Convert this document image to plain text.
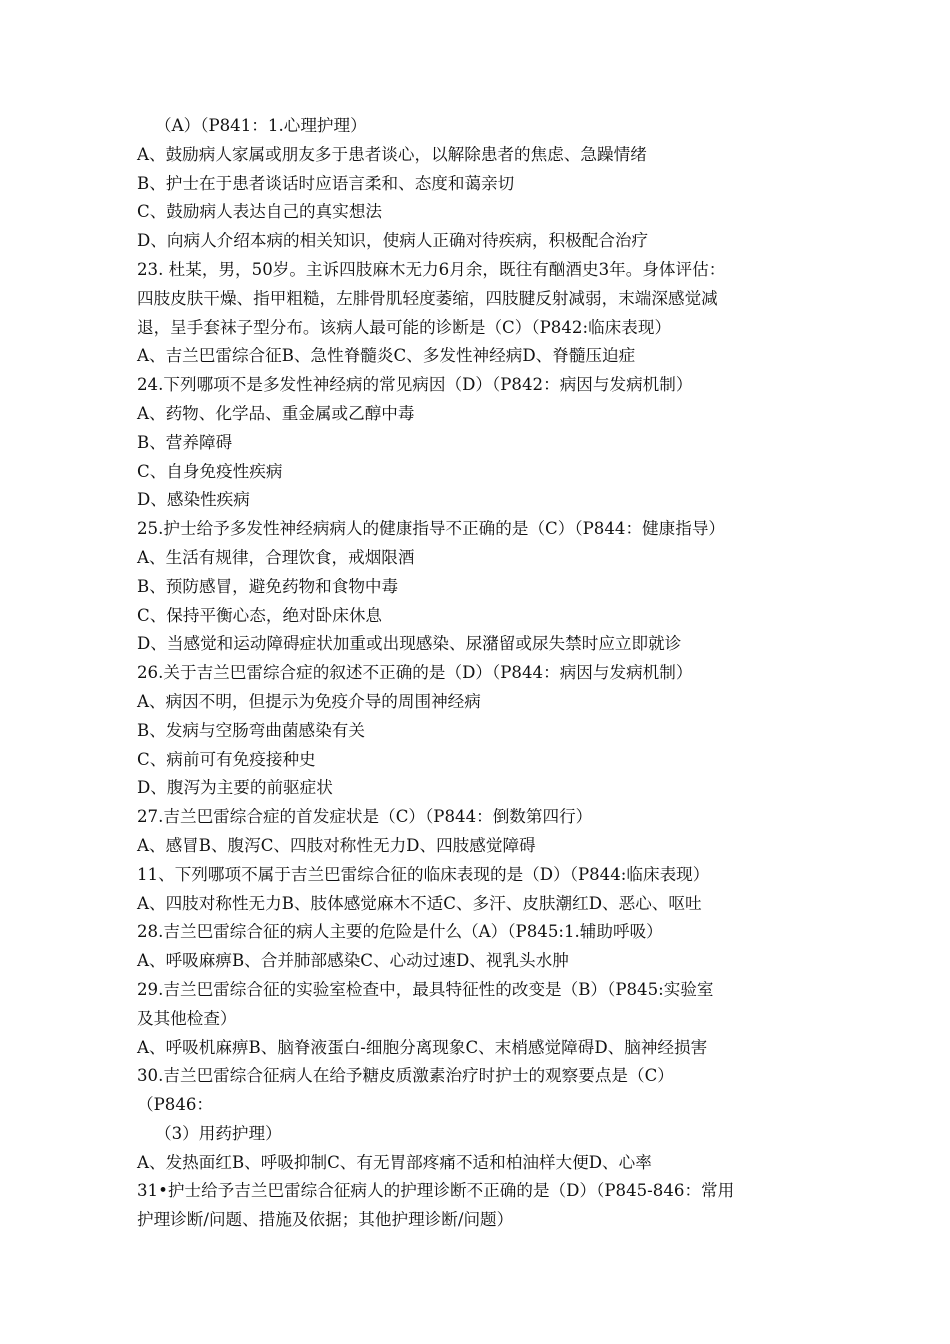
（A）（P841：1.心理护理）
A、鼓励病人家属或朋友多于患者谈心，以解除患者的焦虑、急躁情绪
B、护士在于患者谈话时应语言柔和、态度和蔼亲切
C、鼓励病人表达自己的真实想法
D、向病人介绍本病的相关知识，使病人正确对待疾病，积极配合治疗
23. 杜某，男，50岁。主诉四肢麻木无力6月余，既往有酗酒史3年。身体评估：
四肢皮肤干燥、指甲粗糙，左腓骨肌轻度萎缩，四肢腱反射减弱，末端深感觉减
退，呈手套袜子型分布。该病人最可能的诊断是（C）（P842:临床表现）
A、吉兰巴雷综合征B、急性脊髓炎C、多发性神经病D、脊髓压迫症
24.下列哪项不是多发性神经病的常见病因（D）（P842：病因与发病机制）
A、药物、化学品、重金属或乙醇中毒
B、营养障碍
C、自身免疫性疾病
D、感染性疾病
25.护士给予多发性神经病病人的健康指导不正确的是（C）（P844：健康指导）
A、生活有规律，合理饮食，戒烟限酒
B、预防感冒，避免药物和食物中毒
C、保持平衡心态，绝对卧床休息
D、当感觉和运动障碍症状加重或出现感染、尿潴留或尿失禁时应立即就诊
26.关于吉兰巴雷综合症的叙述不正确的是（D）（P844：病因与发病机制）
A、病因不明，但提示为免疫介导的周围神经病
B、发病与空肠弯曲菌感染有关
C、病前可有免疫接种史
D、腹泻为主要的前驱症状
27.吉兰巴雷综合症的首发症状是（C）（P844：倒数第四行）
A、感冒B、腹泻C、四肢对称性无力D、四肢感觉障碍
11、下列哪项不属于吉兰巴雷综合征的临床表现的是（D）（P844:临床表现）
A、四肢对称性无力B、肢体感觉麻木不适C、多汗、皮肤潮红D、恶心、呕吐
28.吉兰巴雷综合征的病人主要的危险是什么（A）（P845:1.辅助呼吸）
A、呼吸麻痹B、合并肺部感染C、心动过速D、视乳头水肿
29.吉兰巴雷综合征的实验室检查中，最具特征性的改变是（B）（P845:实验室
及其他检查）
A、呼吸机麻痹B、脑脊液蛋白-细胞分离现象C、末梢感觉障碍D、脑神经损害
30.吉兰巴雷综合征病人在给予糖皮质激素治疗时护士的观察要点是（C）
（P846：
（3）用药护理）
A、发热面红B、呼吸抑制C、有无胃部疼痛不适和柏油样大便D、心率
31•护士给予吉兰巴雷综合征病人的护理诊断不正确的是（D）（P845-846：常用
护理诊断/问题、措施及依据；其他护理诊断/问题）
